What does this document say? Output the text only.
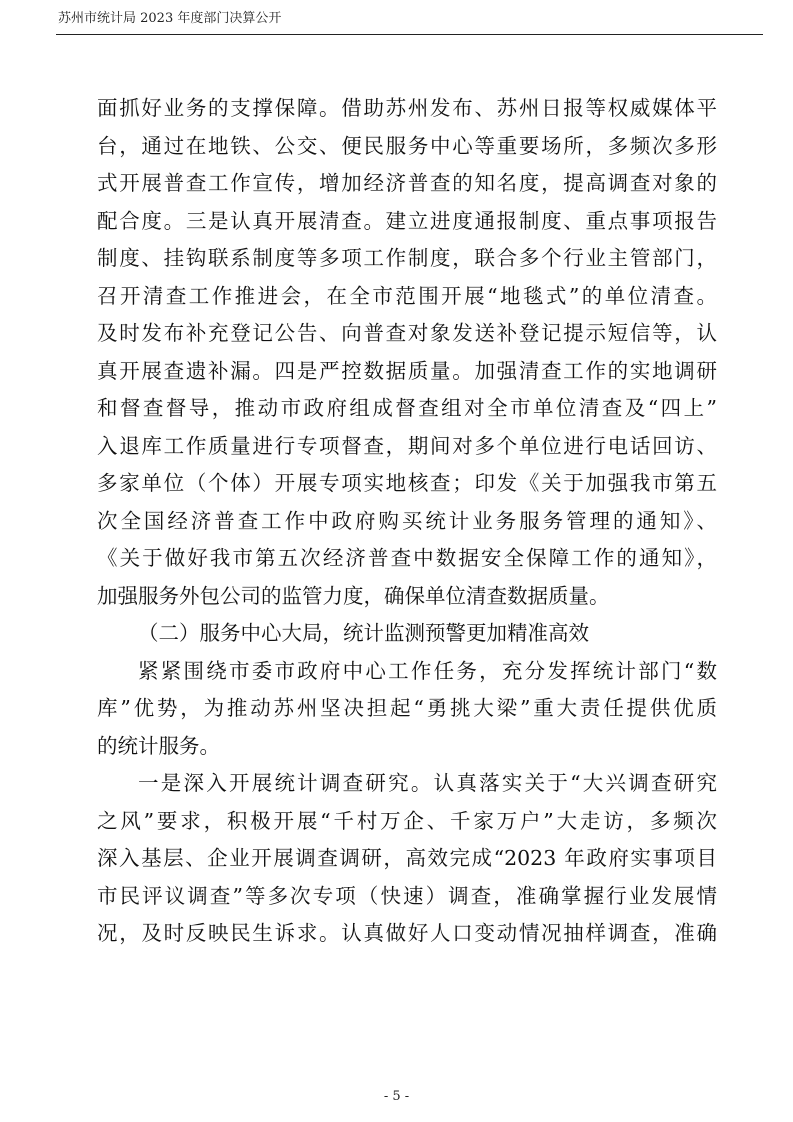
苏州市统计局 2023 年度部门决算公开
面抓好业务的支撑保障。借助苏州发布、苏州日报等权威媒体平
台，通过在地铁、公交、便民服务中心等重要场所，多频次多形
式开展普查工作宣传，增加经济普查的知名度，提高调查对象的
配合度。三是认真开展清查。建立进度通报制度、重点事项报告
制度、挂钩联系制度等多项工作制度，联合多个行业主管部门，
召开清查工作推进会，在全市范围开展“地毯式”的单位清查。
及时发布补充登记公告、向普查对象发送补登记提示短信等，认
真开展查遗补漏。四是严控数据质量。加强清查工作的实地调研
和督查督导，推动市政府组成督查组对全市单位清查及“四上”
入退库工作质量进行专项督查，期间对多个单位进行电话回访、
多家单位（个体）开展专项实地核查；印发《关于加强我市第五
次全国经济普查工作中政府购买统计业务服务管理的通知》、
《关于做好我市第五次经济普查中数据安全保障工作的通知》，
加强服务外包公司的监管力度，确保单位清查数据质量。
（二）服务中心大局，统计监测预警更加精准高效
紧紧围绕市委市政府中心工作任务，充分发挥统计部门“数
库”优势，为推动苏州坚决担起“勇挑大梁”重大责任提供优质
的统计服务。
一是深入开展统计调查研究。认真落实关于“大兴调查研究
之风”要求，积极开展“千村万企、千家万户”大走访，多频次
深入基层、企业开展调查调研，高效完成“2023 年政府实事项目
市民评议调查”等多次专项（快速）调查，准确掌握行业发展情
况，及时反映民生诉求。认真做好人口变动情况抽样调查，准确
- 5 -
